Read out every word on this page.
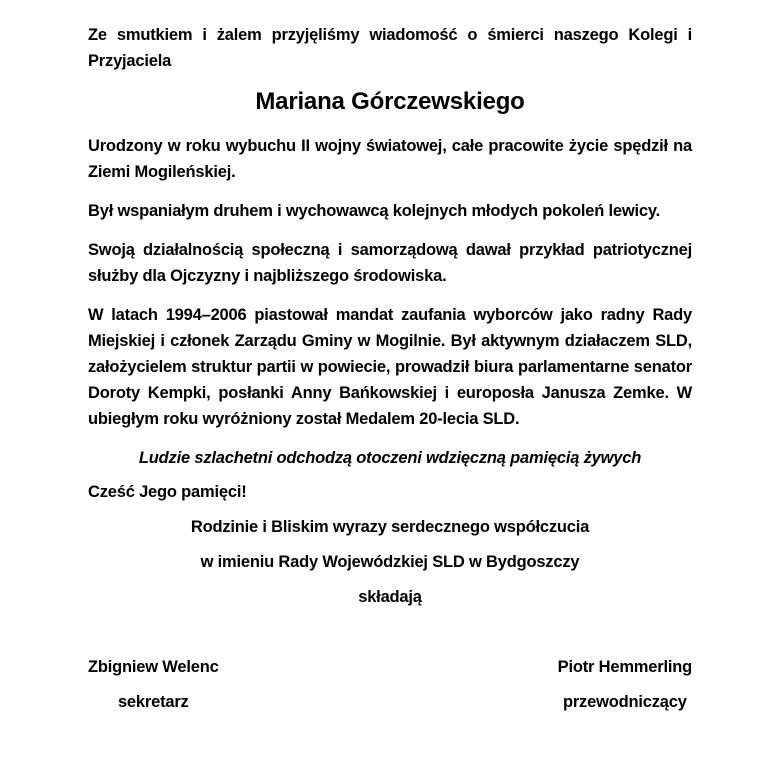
Ze smutkiem i żalem przyjęliśmy wiadomość o śmierci naszego Kolegi i Przyjaciela

Mariana Górczewskiego

Urodzony w roku wybuchu II wojny światowej, całe pracowite życie spędził na Ziemi Mogileńskiej.

Był wspaniałym druhem i wychowawcą kolejnych młodych pokoleń lewicy.

Swoją działalnością społeczną i samorządową dawał przykład patriotycznej służby dla Ojczyzny i najbliższego środowiska.

W latach 1994–2006 piastował mandat zaufania wyborców jako radny Rady Miejskiej i członek Zarządu Gminy w Mogilnie. Był aktywnym działaczem SLD, założycielem struktur partii w powiecie, prowadził biura parlamentarne senator Doroty Kempki, posłanki Anny Bańkowskiej i europosła Janusza Zemke. W ubiegłym roku wyróżniony został Medalem 20-lecia SLD.

Ludzie szlachetni odchodzą otoczeni wdzięczną pamięcią żywych

Cześć Jego pamięci!

Rodzinie i Bliskim wyrazy serdecznego współczucia

w imieniu Rady Wojewódzkiej SLD w Bydgoszczy

składają

Zbigniew Welenc
sekretarz
Piotr Hemmerling
przewodniczący
